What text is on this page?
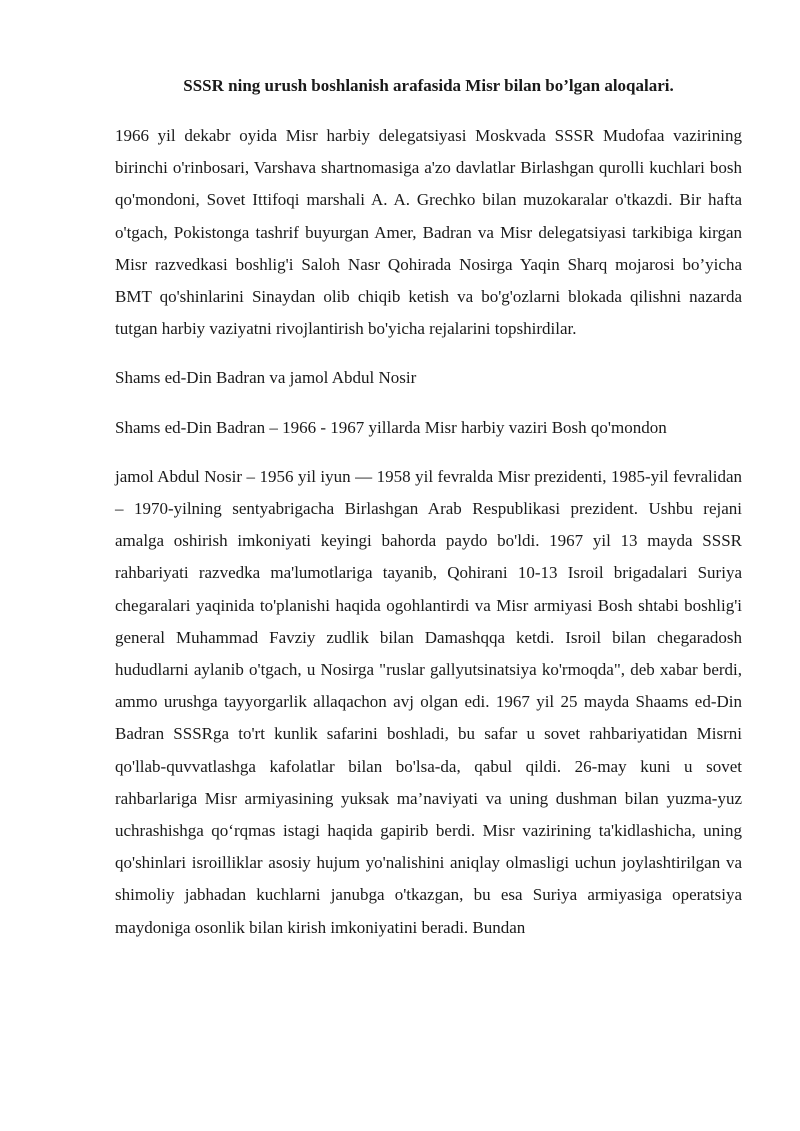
SSSR ning urush boshlanish arafasida Misr bilan bo’lgan aloqalari.

1966 yil dekabr oyida Misr harbiy delegatsiyasi Moskvada SSSR Mudofaa vazirining birinchi o'rinbosari, Varshava shartnomasiga a'zo davlatlar Birlashgan qurolli kuchlari bosh qo'mondoni, Sovet Ittifoqi marshali A. A. Grechko bilan muzokaralar o'tkazdi. Bir hafta o'tgach, Pokistonga tashrif buyurgan Amer, Badran va Misr delegatsiyasi tarkibiga kirgan Misr razvedkasi boshlig'i Saloh Nasr Qohirada Nosirga Yaqin Sharq mojarosi bo’yicha BMT qo'shinlarini Sinaydan olib chiqib ketish va bo'g'ozlarni blokada qilishni nazarda tutgan harbiy vaziyatni rivojlantirish bo'yicha rejalarini topshirdilar.

Shams ed-Din Badran va jamol Abdul Nosir

Shams ed-Din Badran – 1966 - 1967 yillarda Misr harbiy vaziri Bosh qo'mondon

jamol Abdul Nosir – 1956 yil iyun — 1958 yil fevralda Misr prezidenti, 1985-yil fevralidan – 1970-yilning sentyabrigacha Birlashgan Arab Respublikasi prezident. Ushbu rejani amalga oshirish imkoniyati keyingi bahorda paydo bo'ldi. 1967 yil 13 mayda SSSR rahbariyati razvedka ma'lumotlariga tayanib, Qohirani 10-13 Isroil brigadalari Suriya chegaralari yaqinida to'planishi haqida ogohlantirdi va Misr armiyasi Bosh shtabi boshlig'i general Muhammad Favziy zudlik bilan Damashqqa ketdi. Isroil bilan chegaradosh hududlarni aylanib o'tgach, u Nosirga "ruslar gallyutsinatsiya ko'rmoqda", deb xabar berdi, ammo urushga tayyorgarlik allaqachon avj olgan edi. 1967 yil 25 mayda Shaams ed-Din Badran SSSRga to'rt kunlik safarini boshladi, bu safar u sovet rahbariyatidan Misrni qo'llab-quvvatlashga kafolatlar bilan bo'lsa-da, qabul qildi. 26-may kuni u sovet rahbarlariga Misr armiyasining yuksak ma’naviyati va uning dushman bilan yuzma-yuz uchrashishga qo‘rqmas istagi haqida gapirib berdi. Misr vazirining ta'kidlashicha, uning qo'shinlari isroilliklar asosiy hujum yo'nalishini aniqlay olmasligi uchun joylashtirilgan va shimoliy jabhadan kuchlarni janubga o'tkazgan, bu esa Suriya armiyasiga operatsiya maydoniga osonlik bilan kirish imkoniyatini beradi. Bundan
